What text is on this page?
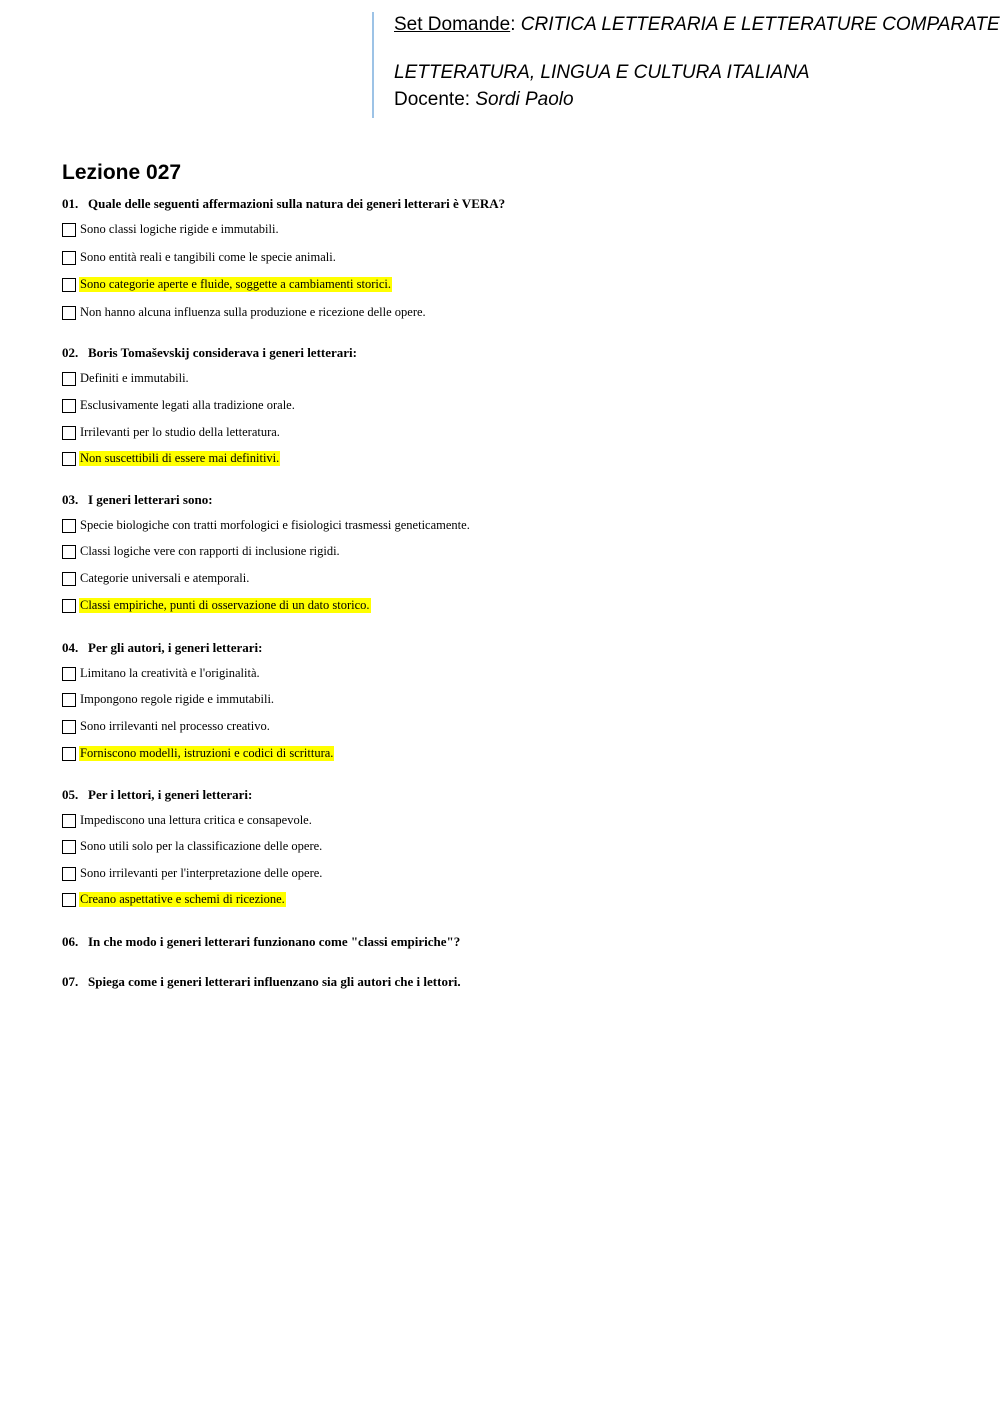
Set Domande: CRITICA LETTERARIA E LETTERATURE COMPARATE
LETTERATURA, LINGUA E CULTURA ITALIANA
Docente: Sordi Paolo
Lezione 027
01. Quale delle seguenti affermazioni sulla natura dei generi letterari è VERA?
Sono classi logiche rigide e immutabili.
Sono entità reali e tangibili come le specie animali.
Sono categorie aperte e fluide, soggette a cambiamenti storici.
Non hanno alcuna influenza sulla produzione e ricezione delle opere.
02. Boris Tomaševskij considerava i generi letterari:
Definiti e immutabili.
Esclusivamente legati alla tradizione orale.
Irrilevanti per lo studio della letteratura.
Non suscettibili di essere mai definitivi.
03. I generi letterari sono:
Specie biologiche con tratti morfologici e fisiologici trasmessi geneticamente.
Classi logiche vere con rapporti di inclusione rigidi.
Categorie universali e atemporali.
Classi empiriche, punti di osservazione di un dato storico.
04. Per gli autori, i generi letterari:
Limitano la creatività e l'originalità.
Impongono regole rigide e immutabili.
Sono irrilevanti nel processo creativo.
Forniscono modelli, istruzioni e codici di scrittura.
05. Per i lettori, i generi letterari:
Impediscono una lettura critica e consapevole.
Sono utili solo per la classificazione delle opere.
Sono irrilevanti per l'interpretazione delle opere.
Creano aspettative e schemi di ricezione.
06. In che modo i generi letterari funzionano come "classi empiriche"?
07. Spiega come i generi letterari influenzano sia gli autori che i lettori.
